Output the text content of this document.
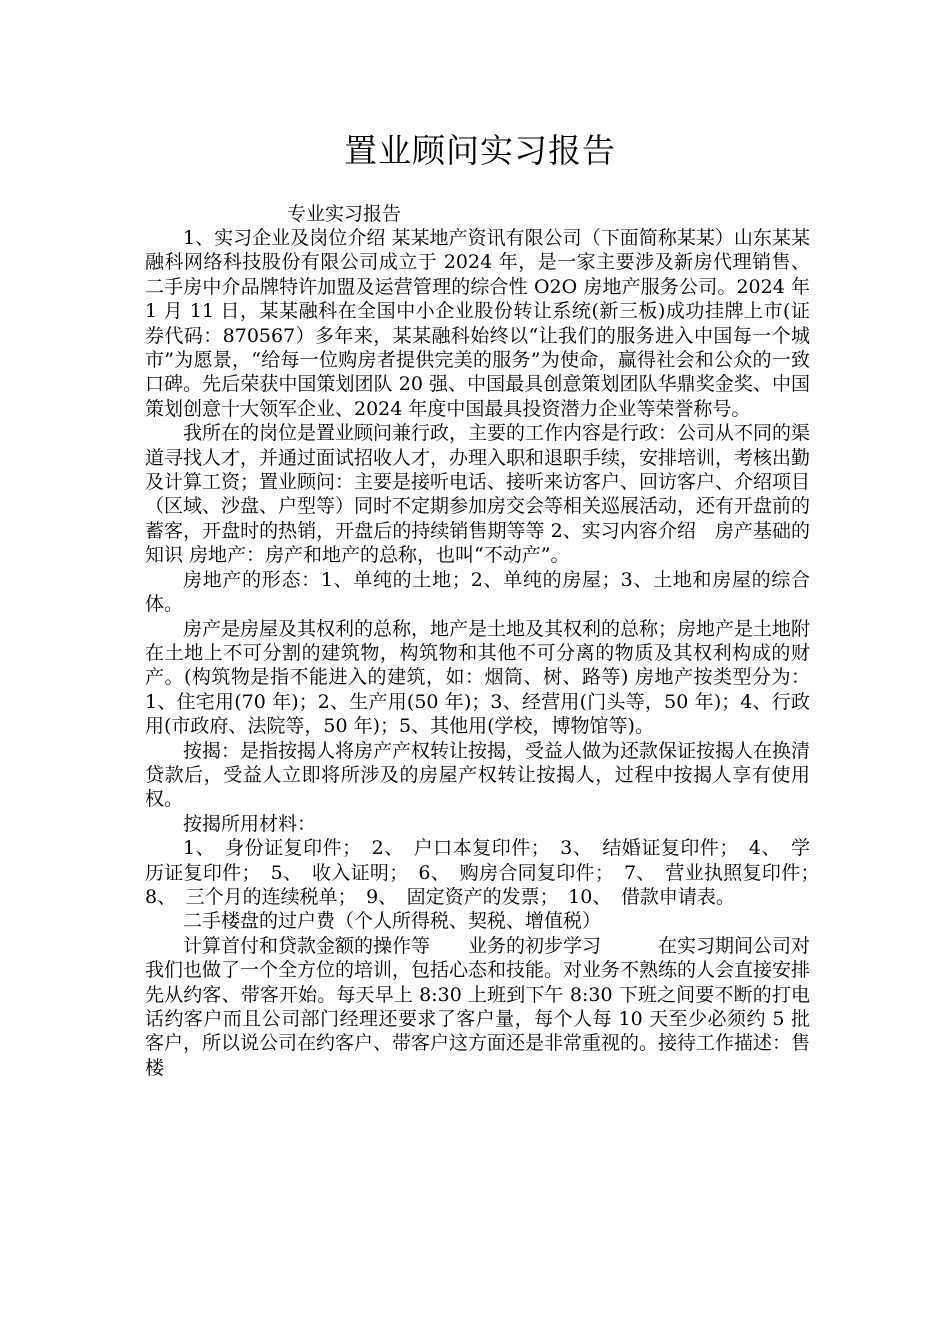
置业顾问实习报告

专业实习报告

1、实习企业及岗位介绍 某某地产资讯有限公司（下面简称某某）山东某某融科网络科技股份有限公司成立于 2024 年，是一家主要涉及新房代理销售、二手房中介品牌特许加盟及运营管理的综合性 O2O 房地产服务公司。2024 年 1 月 11 日，某某融科在全国中小企业股份转让系统(新三板)成功挂牌上市(证券代码：870567）多年来，某某融科始终以“让我们的服务进入中国每一个城市”为愿景，“给每一位购房者提供完美的服务”为使命，赢得社会和公众的一致口碑。先后荣获中国策划团队 20 强、中国最具创意策划团队华鼎奖金奖、中国策划创意十大领军企业、2024 年度中国最具投资潜力企业等荣誉称号。

我所在的岗位是置业顾问兼行政，主要的工作内容是行政：公司从不同的渠道寻找人才，并通过面试招收人才，办理入职和退职手续，安排培训，考核出勤及计算工资；置业顾问：主要是接听电话、接听来访客户、回访客户、介绍项目（区域、沙盘、户型等）同时不定期参加房交会等相关巡展活动，还有开盘前的蓄客，开盘时的热销，开盘后的持续销售期等等 2、实习内容介绍　房产基础的知识 房地产：房产和地产的总称，也叫“不动产”。

房地产的形态：1、单纯的土地；2、单纯的房屋；3、土地和房屋的综合体。

房产是房屋及其权利的总称，地产是土地及其权利的总称；房地产是土地附在土地上不可分割的建筑物，构筑物和其他不可分离的物质及其权利构成的财产。(构筑物是指不能进入的建筑，如：烟筒、树、路等) 房地产按类型分为：1、住宅用(70 年)；2、生产用(50 年)；3、经营用(门头等，50 年)；4、行政用(市政府、法院等，50 年)；5、其他用(学校，博物馆等)。

按揭：是指按揭人将房产产权转让按揭，受益人做为还款保证按揭人在换清贷款后，受益人立即将所涉及的房屋产权转让按揭人，过程中按揭人享有使用权。

按揭所用材料：

1、　身份证复印件；　2、　户口本复印件；　3、　结婚证复印件；　4、　学历证复印件；　5、　收入证明；　6、　购房合同复印件；　7、　营业执照复印件；　8、　三个月的连续税单；　9、　固定资产的发票；　10、　借款申请表。

二手楼盘的过户费（个人所得税、契税、增值税）

计算首付和贷款金额的操作等　　业务的初步学习　　　在实习期间公司对我们也做了一个全方位的培训，包括心态和技能。对业务不熟练的人会直接安排先从约客、带客开始。每天早上 8:30 上班到下午 8:30 下班之间要不断的打电话约客户而且公司部门经理还要求了客户量，每个人每 10 天至少必须约 5 批客户，所以说公司在约客户、带客户这方面还是非常重视的。接待工作描述：售楼
